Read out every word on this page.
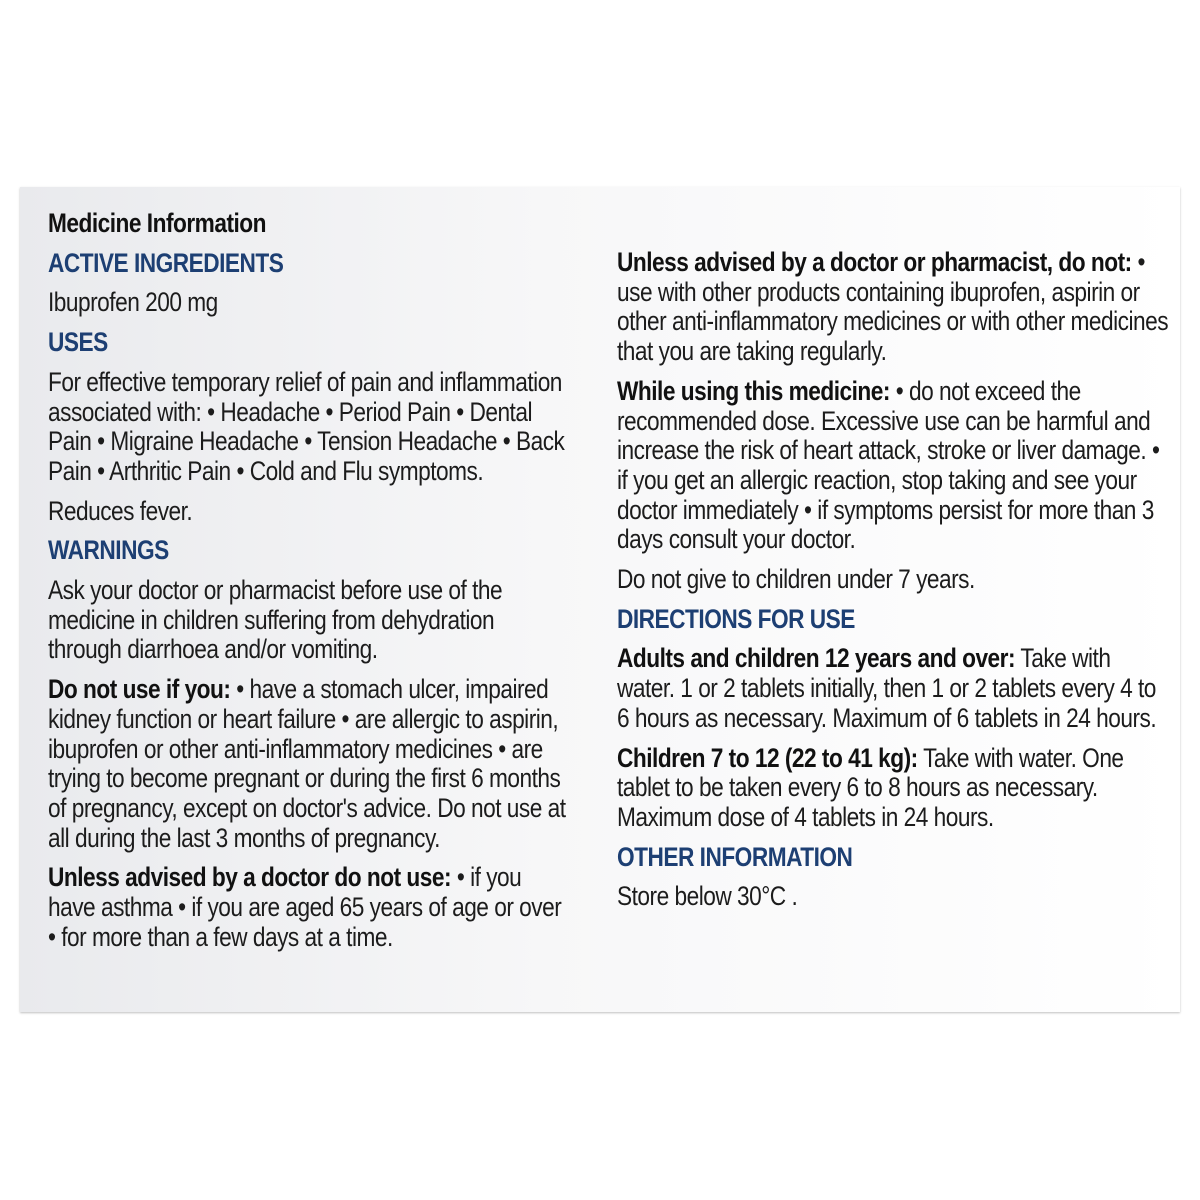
Medicine Information
ACTIVE INGREDIENTS
Ibuprofen 200 mg
USES
For effective temporary relief of pain and inflammation associated with: • Headache • Period Pain • Dental Pain • Migraine Headache • Tension Headache • Back Pain • Arthritic Pain • Cold and Flu symptoms.
Reduces fever.
WARNINGS
Ask your doctor or pharmacist before use of the medicine in children suffering from dehydration through diarrhoea and/or vomiting.
Do not use if you: • have a stomach ulcer, impaired kidney function or heart failure • are allergic to aspirin, ibuprofen or other anti-inflammatory medicines • are trying to become pregnant or during the first 6 months of pregnancy, except on doctor's advice. Do not use at all during the last 3 months of pregnancy.
Unless advised by a doctor do not use: • if you have asthma • if you are aged 65 years of age or over • for more than a few days at a time.
Unless advised by a doctor or pharmacist, do not: • use with other products containing ibuprofen, aspirin or other anti-inflammatory medicines or with other medicines that you are taking regularly.
While using this medicine: • do not exceed the recommended dose. Excessive use can be harmful and increase the risk of heart attack, stroke or liver damage. • if you get an allergic reaction, stop taking and see your doctor immediately • if symptoms persist for more than 3 days consult your doctor.
Do not give to children under 7 years.
DIRECTIONS FOR USE
Adults and children 12 years and over: Take with water. 1 or 2 tablets initially, then 1 or 2 tablets every 4 to 6 hours as necessary. Maximum of 6 tablets in 24 hours.
Children 7 to 12 (22 to 41 kg): Take with water. One tablet to be taken every 6 to 8 hours as necessary. Maximum dose of 4 tablets in 24 hours.
OTHER INFORMATION
Store below 30°C .
